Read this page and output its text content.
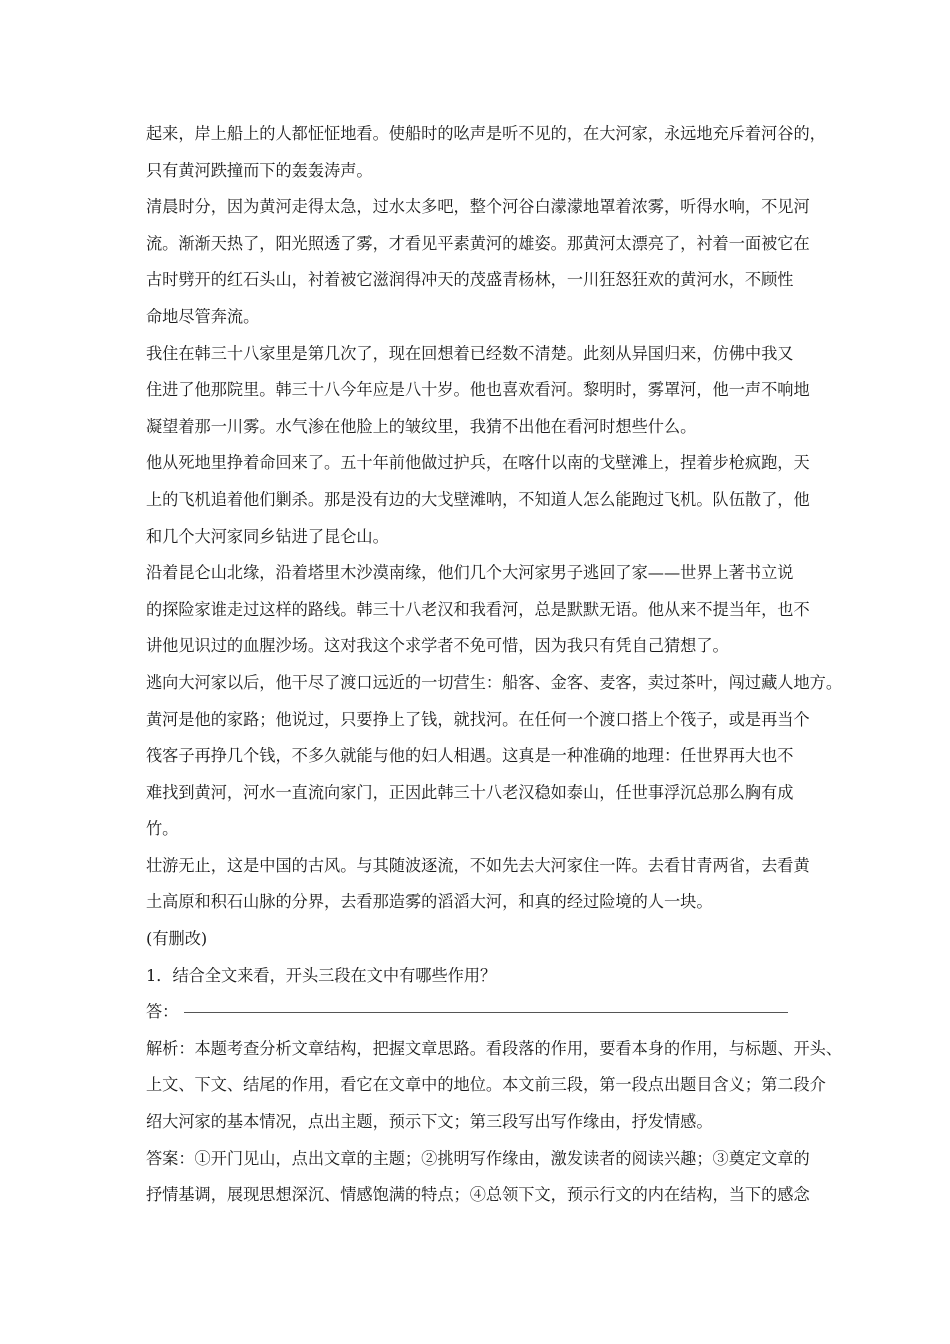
起来，岸上船上的人都怔怔地看。使船时的吆声是听不见的，在大河家，永远地充斥着河谷的，
只有黄河跌撞而下的轰轰涛声。
清晨时分，因为黄河走得太急，过水太多吧，整个河谷白濛濛地罩着浓雾，听得水响，不见河
流。渐渐天热了，阳光照透了雾，才看见平素黄河的雄姿。那黄河太漂亮了，衬着一面被它在
古时劈开的红石头山，衬着被它滋润得冲天的茂盛青杨林，一川狂怒狂欢的黄河水，不顾性
命地尽管奔流。
我住在韩三十八家里是第几次了，现在回想着已经数不清楚。此刻从异国归来，仿佛中我又
住进了他那院里。韩三十八今年应是八十岁。他也喜欢看河。黎明时，雾罩河，他一声不响地
凝望着那一川雾。水气渗在他脸上的皱纹里，我猜不出他在看河时想些什么。
他从死地里挣着命回来了。五十年前他做过护兵，在喀什以南的戈壁滩上，捏着步枪疯跑，天
上的飞机追着他们剿杀。那是没有边的大戈壁滩呐，不知道人怎么能跑过飞机。队伍散了，他
和几个大河家同乡钻进了昆仑山。
沿着昆仑山北缘，沿着塔里木沙漠南缘，他们几个大河家男子逃回了家——世界上著书立说
的探险家谁走过这样的路线。韩三十八老汉和我看河，总是默默无语。他从来不提当年，也不
讲他见识过的血腥沙场。这对我这个求学者不免可惜，因为我只有凭自己猜想了。
逃向大河家以后，他干尽了渡口远近的一切营生：船客、金客、麦客，卖过茶叶，闯过藏人地方。
黄河是他的家路；他说过，只要挣上了钱，就找河。在任何一个渡口搭上个筏子，或是再当个
筏客子再挣几个钱，不多久就能与他的妇人相遇。这真是一种准确的地理：任世界再大也不
难找到黄河，河水一直流向家门，正因此韩三十八老汉稳如泰山，任世事浮沉总那么胸有成
竹。
壮游无止，这是中国的古风。与其随波逐流，不如先去大河家住一阵。去看甘青两省，去看黄
土高原和积石山脉的分界，去看那造雾的滔滔大河，和真的经过险境的人一块。
(有删改)
1．结合全文来看，开头三段在文中有哪些作用？
答：
解析：本题考查分析文章结构，把握文章思路。看段落的作用，要看本身的作用，与标题、开头、
上文、下文、结尾的作用，看它在文章中的地位。本文前三段，第一段点出题目含义；第二段介
绍大河家的基本情况，点出主题，预示下文；第三段写出写作缘由，抒发情感。
答案：①开门见山，点出文章的主题；②挑明写作缘由，激发读者的阅读兴趣；③奠定文章的
抒情基调，展现思想深沉、情感饱满的特点；④总领下文，预示行文的内在结构，当下的感念
